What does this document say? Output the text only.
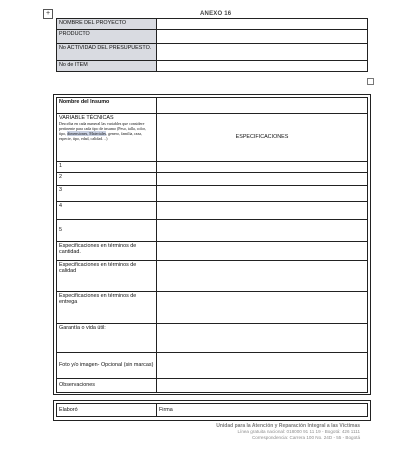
+	ANEXO 16
NOMBRE DEL PROYECTO	
PRODUCTO	
No ACTIVIDAD DEL PRESUPUESTO.	
No de ITEM	
Nombre del Insumo	

VARIABLE TÉCNICAS
Describa en cada numeral las variables que considere pertinente para cada tipo de insumo (Peso, talla, color, tipo, dimensiones, Materiales, genero, familia, raza, especie, tipo, edad, calidad…)	ESPECIFICACIONES
1	
2	
3	
4	
5	
Especificaciones en términos de cantidad.	
Especificaciones en términos de calidad	
Especificaciones en términos de entrega	
Garantía o vida útil:	
Foto y/o imagen- Opcional (sin marcas)	
Observaciones	
Elaboró	Firma
Unidad para la Atención y Reparación Integral a las Víctimas
Línea gratuita nacional: 018000 91 11 19 - Bogotá: 426 1111
Correspondencia: Carrera 100 No. 24D - 55 - Bogotá
